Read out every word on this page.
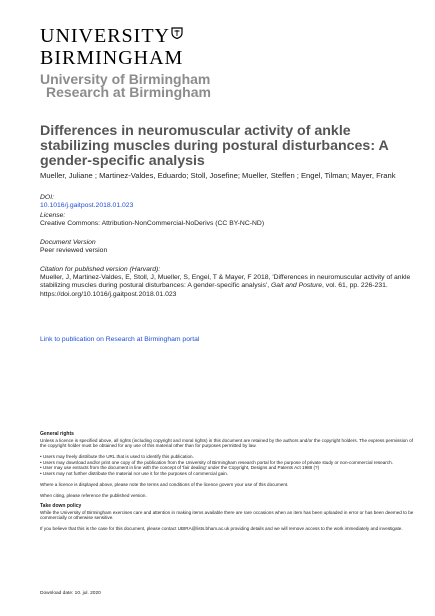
UNIVERSITY
BIRMINGHAM
University of Birmingham
Research at Birmingham
Differences in neuromuscular activity of ankle stabilizing muscles during postural disturbances: A gender-specific analysis
Mueller, Juliane ; Martinez-Valdes, Eduardo; Stoll, Josefine; Mueller, Steffen ; Engel, Tilman; Mayer, Frank
DOI:
10.1016/j.gaitpost.2018.01.023
License:
Creative Commons: Attribution-NonCommercial-NoDerivs (CC BY-NC-ND)
Document Version
Peer reviewed version
Citation for published version (Harvard):
Mueller, J, Martinez-Valdes, E, Stoll, J, Mueller, S, Engel, T & Mayer, F 2018, 'Differences in neuromuscular activity of ankle stabilizing muscles during postural disturbances: A gender-specific analysis', Gait and Posture, vol. 61, pp. 226-231. https://doi.org/10.1016/j.gaitpost.2018.01.023
Link to publication on Research at Birmingham portal
General rights

Unless a licence is specified above, all rights (including copyright and moral rights) in this document are retained by the authors and/or the copyright holders. The express permission of the copyright holder must be obtained for any use of this material other than for purposes permitted by law.

• Users may freely distribute the URL that is used to identify this publication.
• Users may download and/or print one copy of the publication from the University of Birmingham research portal for the purpose of private study or non-commercial research.
• User may use extracts from the document in line with the concept of 'fair dealing' under the Copyright, Designs and Patents Act 1988 (?)

• Users may not further distribute the material nor use it for the purposes of commercial gain.

Where a licence is displayed above, please note the terms and conditions of the licence govern your use of this document.

When citing, please reference the published version.

Take down policy

While the University of Birmingham exercises care and attention in making items available there are rare occasions when an item has been uploaded in error or has been deemed to be commercially or otherwise sensitive.

If you believe that this is the case for this document, please contact UBIRA@lists.bham.ac.uk providing details and we will remove access to the work immediately and investigate.

Download date: 10. jul. 2020
